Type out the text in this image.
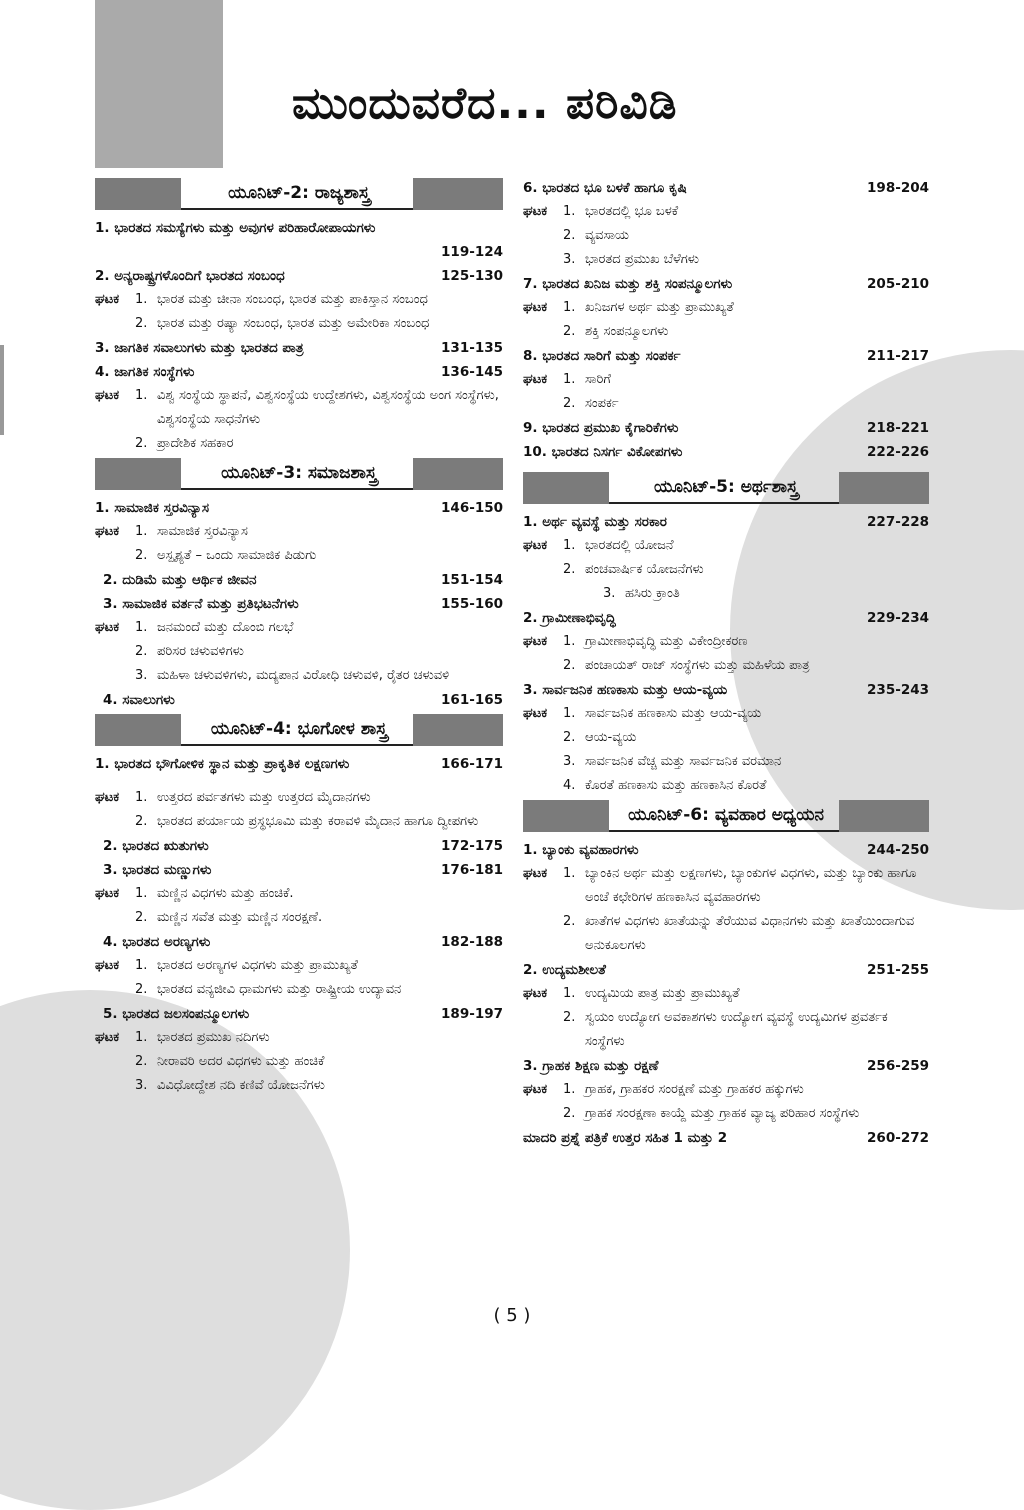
ಮುಂದುವರೆದ... ಪರಿವಿಡಿ
ಯೂನಿಟ್-2: ರಾಜ್ಯಶಾಸ್ತ್ರ
1. ಭಾರತದ ಸಮಸ್ಯೆಗಳು ಮತ್ತು ಅವುಗಳ ಪರಿಹಾರೋಪಾಯಗಳು
119-124
2. ಅನ್ಯರಾಷ್ಟ್ರಗಳೊಂದಿಗೆ ಭಾರತದ ಸಂಬಂಧ	125-130
ಘಟಕ	1. ಭಾರತ ಮತ್ತು ಚೀನಾ ಸಂಬಂಧ, ಭಾರತ ಮತ್ತು ಪಾಕಿಸ್ತಾನ ಸಂಬಂಧ
2. ಭಾರತ ಮತ್ತು ರಷ್ಯಾ ಸಂಬಂಧ, ಭಾರತ ಮತ್ತು ಅಮೇರಿಕಾ ಸಂಬಂಧ
3. ಜಾಗತಿಕ ಸವಾಲುಗಳು ಮತ್ತು ಭಾರತದ ಪಾತ್ರ	131-135
4. ಜಾಗತಿಕ ಸಂಸ್ಥೆಗಳು	136-145
ಘಟಕ	1. ವಿಶ್ವ ಸಂಸ್ಥೆಯ ಸ್ಥಾಪನೆ, ವಿಶ್ವಸಂಸ್ಥೆಯ ಉದ್ದೇಶಗಳು, ವಿಶ್ವಸಂಸ್ಥೆಯ ಅಂಗ ಸಂಸ್ಥೆಗಳು, ವಿಶ್ವಸಂಸ್ಥೆಯ ಸಾಧನೆಗಳು
2. ಪ್ರಾದೇಶಿಕ ಸಹಕಾರ
ಯೂನಿಟ್-3: ಸಮಾಜಶಾಸ್ತ್ರ
1. ಸಾಮಾಜಿಕ ಸ್ತರವಿನ್ಯಾಸ	146-150
ಘಟಕ	1. ಸಾಮಾಜಿಕ ಸ್ತರವಿನ್ಯಾಸ
2. ಅಸ್ಪೃಶ್ಯತೆ – ಒಂದು ಸಾಮಾಜಿಕ ಪಿಡುಗು
2. ದುಡಿಮೆ ಮತ್ತು ಆರ್ಥಿಕ ಜೀವನ	151-154
3. ಸಾಮಾಜಿಕ ವರ್ತನೆ ಮತ್ತು ಪ್ರತಿಭಟನೆಗಳು	155-160
ಘಟಕ	1. ಜನಮಂದೆ ಮತ್ತು ದೊಂಬಿ ಗಲಭೆ
2. ಪರಿಸರ ಚಳುವಳಿಗಳು
3. ಮಹಿಳಾ ಚಳುವಳಿಗಳು, ಮದ್ಯಪಾನ ವಿರೋಧಿ ಚಳುವಳಿ, ರೈತರ ಚಳುವಳಿ
4. ಸವಾಲುಗಳು	161-165
ಯೂನಿಟ್-4: ಭೂಗೋಳ ಶಾಸ್ತ್ರ
1. ಭಾರತದ ಭೌಗೋಳಿಕ ಸ್ಥಾನ ಮತ್ತು ಪ್ರಾಕೃತಿಕ ಲಕ್ಷಣಗಳು	166-171
ಘಟಕ	1. ಉತ್ತರದ ಪರ್ವತಗಳು ಮತ್ತು ಉತ್ತರದ ಮೈದಾನಗಳು
2. ಭಾರತದ ಪರ್ಯಾಯ ಪ್ರಸ್ಥಭೂಮಿ ಮತ್ತು ಕರಾವಳಿ ಮೈದಾನ ಹಾಗೂ ದ್ವೀಪಗಳು
2. ಭಾರತದ ಋತುಗಳು	172-175
3. ಭಾರತದ ಮಣ್ಣುಗಳು	176-181
ಘಟಕ	1. ಮಣ್ಣಿನ ವಿಧಗಳು ಮತ್ತು ಹಂಚಿಕೆ.
2. ಮಣ್ಣಿನ ಸವೆತ ಮತ್ತು ಮಣ್ಣಿನ ಸಂರಕ್ಷಣೆ.
4. ಭಾರತದ ಅರಣ್ಯಗಳು	182-188
ಘಟಕ	1. ಭಾರತದ ಅರಣ್ಯಗಳ ವಿಧಗಳು ಮತ್ತು ಪ್ರಾಮುಖ್ಯತೆ
2. ಭಾರತದ ವನ್ಯಜೀವಿ ಧಾಮಗಳು ಮತ್ತು ರಾಷ್ಟ್ರೀಯ ಉದ್ಯಾವನ
5. ಭಾರತದ ಜಲಸಂಪನ್ಮೂಲಗಳು	189-197
ಘಟಕ	1. ಭಾರತದ ಪ್ರಮುಖ ನದಿಗಳು
2. ನೀರಾವರಿ ಅದರ ವಿಧಗಳು ಮತ್ತು ಹಂಚಿಕೆ
3. ವಿವಿಧೋದ್ದೇಶ ನದಿ ಕಣಿವೆ ಯೋಜನೆಗಳು
6. ಭಾರತದ ಭೂ ಬಳಕೆ ಹಾಗೂ ಕೃಷಿ	198-204
ಘಟಕ	1. ಭಾರತದಲ್ಲಿ ಭೂ ಬಳಕೆ
2. ವ್ಯವಸಾಯ
3. ಭಾರತದ ಪ್ರಮುಖ ಬೆಳೆಗಳು
7. ಭಾರತದ ಖನಿಜ ಮತ್ತು ಶಕ್ತಿ ಸಂಪನ್ಮೂಲಗಳು	205-210
ಘಟಕ	1. ಖನಿಜಗಳ ಅರ್ಥ ಮತ್ತು ಪ್ರಾಮುಖ್ಯತೆ
2. ಶಕ್ತಿ ಸಂಪನ್ಮೂಲಗಳು
8. ಭಾರತದ ಸಾರಿಗೆ ಮತ್ತು ಸಂಪರ್ಕ	211-217
ಘಟಕ	1. ಸಾರಿಗೆ
2. ಸಂಪರ್ಕ
9. ಭಾರತದ ಪ್ರಮುಖ ಕೈಗಾರಿಕೆಗಳು	218-221
10. ಭಾರತದ ನಿಸರ್ಗ ವಿಕೋಪಗಳು	222-226
ಯೂನಿಟ್-5: ಅರ್ಥಶಾಸ್ತ್ರ
1. ಅರ್ಥ ವ್ಯವಸ್ಥೆ ಮತ್ತು ಸರಕಾರ	227-228
ಘಟಕ	1. ಭಾರತದಲ್ಲಿ ಯೋಜನೆ
2. ಪಂಚವಾರ್ಷಿಕ ಯೋಜನೆಗಳು
3. ಹಸಿರು ಕ್ರಾಂತಿ
2. ಗ್ರಾಮೀಣಾಭಿವೃದ್ಧಿ	229-234
ಘಟಕ	1. ಗ್ರಾಮೀಣಾಭಿವೃದ್ಧಿ ಮತ್ತು ವಿಕೇಂದ್ರೀಕರಣ
2. ಪಂಚಾಯತ್ ರಾಜ್ ಸಂಸ್ಥೆಗಳು ಮತ್ತು ಮಹಿಳೆಯ ಪಾತ್ರ
3. ಸಾರ್ವಜನಿಕ ಹಣಕಾಸು ಮತ್ತು ಆಯ-ವ್ಯಯ	235-243
ಘಟಕ	1. ಸಾರ್ವಜನಿಕ ಹಣಕಾಸು ಮತ್ತು ಆಯ-ವ್ಯಯ
2. ಆಯ-ವ್ಯಯ
3. ಸಾರ್ವಜನಿಕ ವೆಚ್ಚ ಮತ್ತು ಸಾರ್ವಜನಿಕ ವರಮಾನ
4. ಕೊರತೆ ಹಣಕಾಸು ಮತ್ತು ಹಣಕಾಸಿನ ಕೊರತೆ
ಯೂನಿಟ್-6: ವ್ಯವಹಾರ ಅಧ್ಯಯನ
1. ಬ್ಯಾಂಕು ವ್ಯವಹಾರಗಳು	244-250
ಘಟಕ	1. ಬ್ಯಾಂಕಿನ ಅರ್ಥ ಮತ್ತು ಲಕ್ಷಣಗಳು, ಬ್ಯಾಂಕುಗಳ ವಿಧಗಳು, ಮತ್ತು ಬ್ಯಾಂಕು ಹಾಗೂ ಅಂಚೆ ಕಛೇರಿಗಳ ಹಣಕಾಸಿನ ವ್ಯವಹಾರಗಳು
2. ಖಾತೆಗಳ ವಿಧಗಳು ಖಾತೆಯನ್ನು ತೆರೆಯುವ ವಿಧಾನಗಳು ಮತ್ತು ಖಾತೆಯಿಂದಾಗುವ ಅನುಕೂಲಗಳು
2. ಉದ್ಯಮಶೀಲತೆ	251-255
ಘಟಕ	1. ಉದ್ಯಮಿಯ ಪಾತ್ರ ಮತ್ತು ಪ್ರಾಮುಖ್ಯತೆ
2. ಸ್ವಯಂ ಉದ್ಯೋಗ ಅವಕಾಶಗಳು ಉದ್ಯೋಗ ವ್ಯವಸ್ಥೆ ಉದ್ಯಮಿಗಳ ಪ್ರವರ್ತಕ ಸಂಸ್ಥೆಗಳು
3. ಗ್ರಾಹಕ ಶಿಕ್ಷಣ ಮತ್ತು ರಕ್ಷಣೆ	256-259
ಘಟಕ	1. ಗ್ರಾಹಕ, ಗ್ರಾಹಕರ ಸಂರಕ್ಷಣೆ ಮತ್ತು ಗ್ರಾಹಕರ ಹಕ್ಕುಗಳು
2. ಗ್ರಾಹಕ ಸಂರಕ್ಷಣಾ ಕಾಯ್ದೆ ಮತ್ತು ಗ್ರಾಹಕ ವ್ಯಾಜ್ಯ ಪರಿಹಾರ ಸಂಸ್ಥೆಗಳು
ಮಾದರಿ ಪ್ರಶ್ನೆ ಪತ್ರಿಕೆ ಉತ್ತರ ಸಹಿತ 1 ಮತ್ತು 2	260-272
( 5 )
